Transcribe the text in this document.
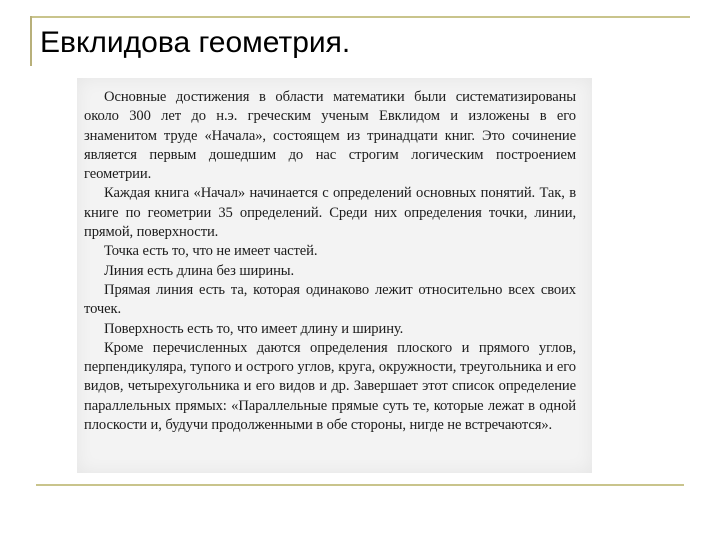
Евклидова геометрия.

Основные достижения в области математики были систематизированы около 300 лет до н.э. греческим ученым Евклидом и изложены в его знаменитом труде «Начала», состоящем из тринадцати книг. Это сочинение является первым дошедшим до нас строгим логическим построением геометрии.

Каждая книга «Начал» начинается с определений основных понятий. Так, в книге по геометрии 35 определений. Среди них определения точки, линии, прямой, поверхности.

Точка есть то, что не имеет частей.

Линия есть длина без ширины.

Прямая линия есть та, которая одинаково лежит относительно всех своих точек.

Поверхность есть то, что имеет длину и ширину.

Кроме перечисленных даются определения плоского и прямого углов, перпендикуляра, тупого и острого углов, круга, окружности, треугольника и его видов, четырехугольника и его видов и др. Завершает этот список определение параллельных прямых: «Параллельные прямые суть те, которые лежат в одной плоскости и, будучи продолженными в обе стороны, нигде не встречаются».
